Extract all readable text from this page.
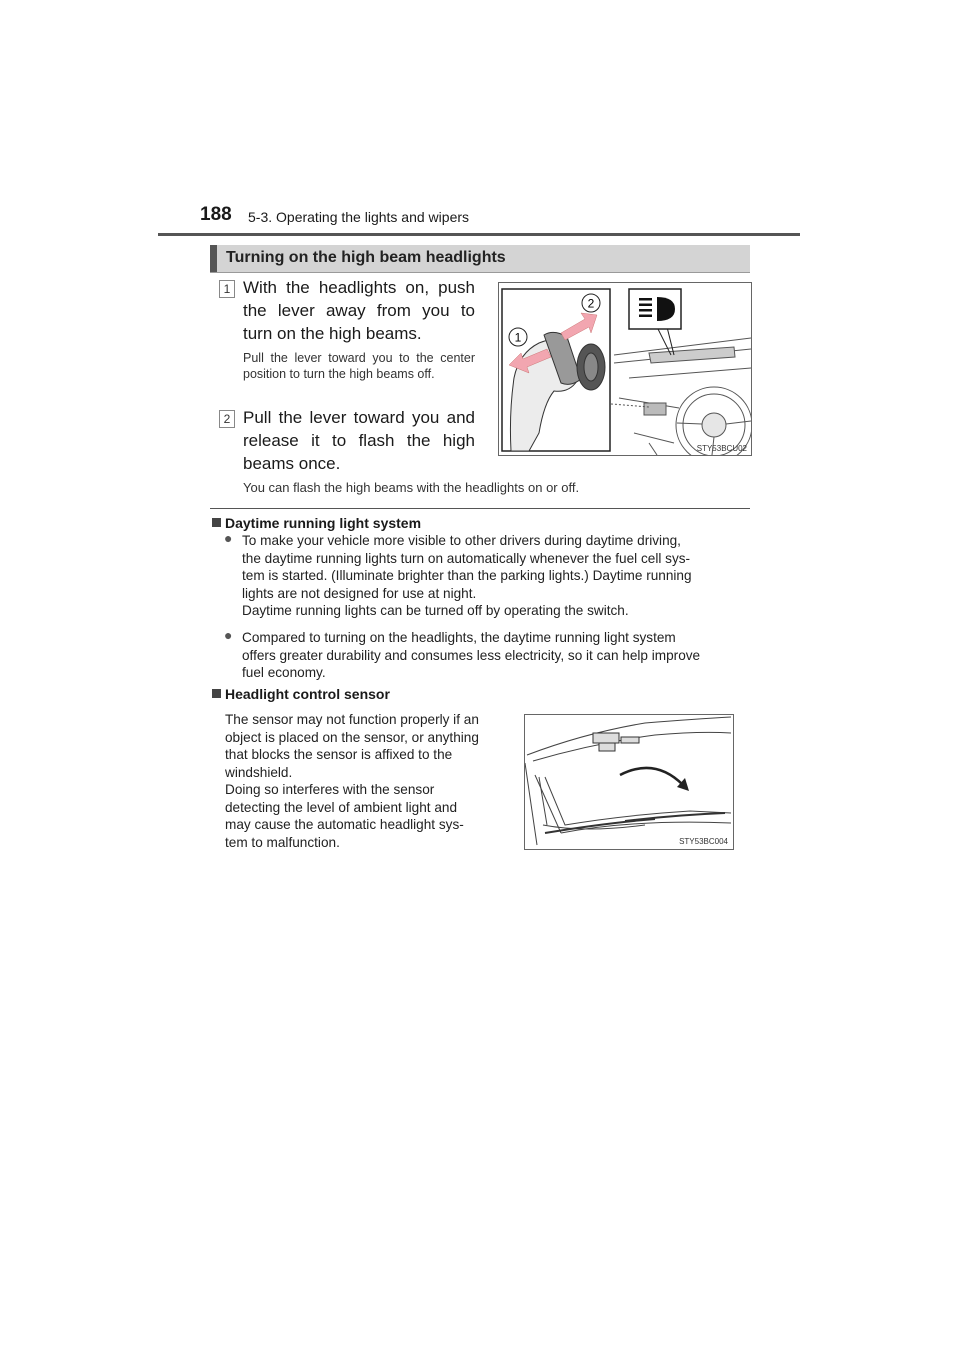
188 5-3. Operating the lights and wipers
Turning on the high beam headlights
1 With the headlights on, push the lever away from you to turn on the high beams.
Pull the lever toward you to the center position to turn the high beams off.
2 Pull the lever toward you and release it to flash the high beams once.
You can flash the high beams with the headlights on or off.
1
2
STY53BCU02
Daytime running light system
● To make your vehicle more visible to other drivers during daytime driving,
the daytime running lights turn on automatically whenever the fuel cell sys-
tem is started. (Illuminate brighter than the parking lights.) Daytime running
lights are not designed for use at night.
Daytime running lights can be turned off by operating the switch.
● Compared to turning on the headlights, the daytime running light system
offers greater durability and consumes less electricity, so it can help improve
fuel economy.
Headlight control sensor
The sensor may not function properly if an
object is placed on the sensor, or anything
that blocks the sensor is affixed to the
windshield.
Doing so interferes with the sensor
detecting the level of ambient light and
may cause the automatic headlight sys-
tem to malfunction.	STY53BC004
